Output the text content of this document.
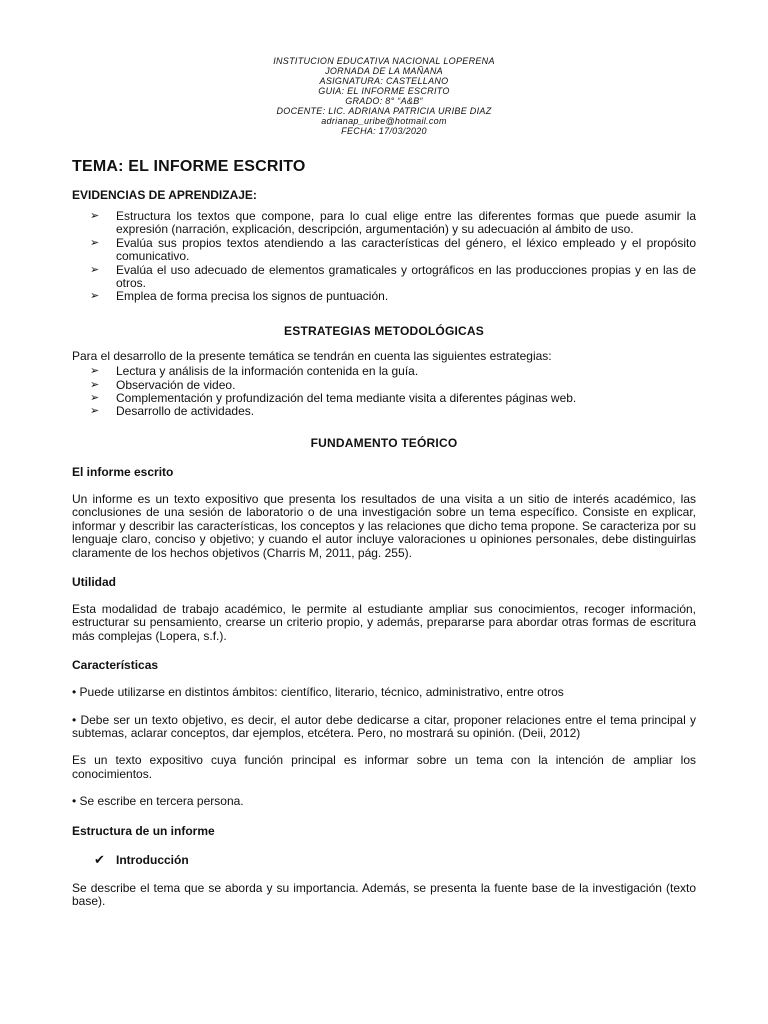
INSTITUCION EDUCATIVA NACIONAL LOPERENA
JORNADA DE LA MAÑANA
ASIGNATURA: CASTELLANO
GUIA: EL INFORME ESCRITO
GRADO: 8° “A&B“
DOCENTE: LIC. ADRIANA PATRICIA URIBE DIAZ
adrianap_uribe@hotmail.com
FECHA: 17/03/2020
TEMA: EL INFORME ESCRITO
EVIDENCIAS DE APRENDIZAJE:
➢ Estructura los textos que compone, para lo cual elige entre las diferentes formas que puede asumir la expresión (narración, explicación, descripción, argumentación) y su adecuación al ámbito de uso.
➢ Evalúa sus propios textos atendiendo a las características del género, el léxico empleado y el propósito comunicativo.
➢ Evalúa el uso adecuado de elementos gramaticales y ortográficos en las producciones propias y en las de otros.
➢ Emplea de forma precisa los signos de puntuación.
ESTRATEGIAS METODOLÓGICAS

Para el desarrollo de la presente temática se tendrán en cuenta las siguientes estrategias:

➢ Lectura y análisis de la información contenida en la guía.
➢ Observación de video.
➢ Complementación y profundización del tema mediante visita a diferentes páginas web.
➢ Desarrollo de actividades.
FUNDAMENTO TEÓRICO
El informe escrito

Un informe es un texto expositivo que presenta los resultados de una visita a un sitio de interés académico, las conclusiones de una sesión de laboratorio o de una investigación sobre un tema específico. Consiste en explicar, informar y describir las características, los conceptos y las relaciones que dicho tema propone. Se caracteriza por su lenguaje claro, conciso y objetivo; y cuando el autor incluye valoraciones u opiniones personales, debe distinguirlas claramente de los hechos objetivos (Charris M, 2011, pág. 255).

Utilidad

Esta modalidad de trabajo académico, le permite al estudiante ampliar sus conocimientos, recoger información, estructurar su pensamiento, crearse un criterio propio, y además, prepararse para abordar otras formas de escritura más complejas (Lopera, s.f.).

Características

• Puede utilizarse en distintos ámbitos: científico, literario, técnico, administrativo, entre otros

• Debe ser un texto objetivo, es decir, el autor debe dedicarse a citar, proponer relaciones entre el tema principal y subtemas, aclarar conceptos, dar ejemplos, etcétera. Pero, no mostrará su opinión. (Deii, 2012)

Es un texto expositivo cuya función principal es informar sobre un tema con la intención de ampliar los conocimientos.

• Se escribe en tercera persona.

Estructura de un informe
✔ Introducción

Se describe el tema que se aborda y su importancia. Además, se presenta la fuente base de la investigación (texto base).
